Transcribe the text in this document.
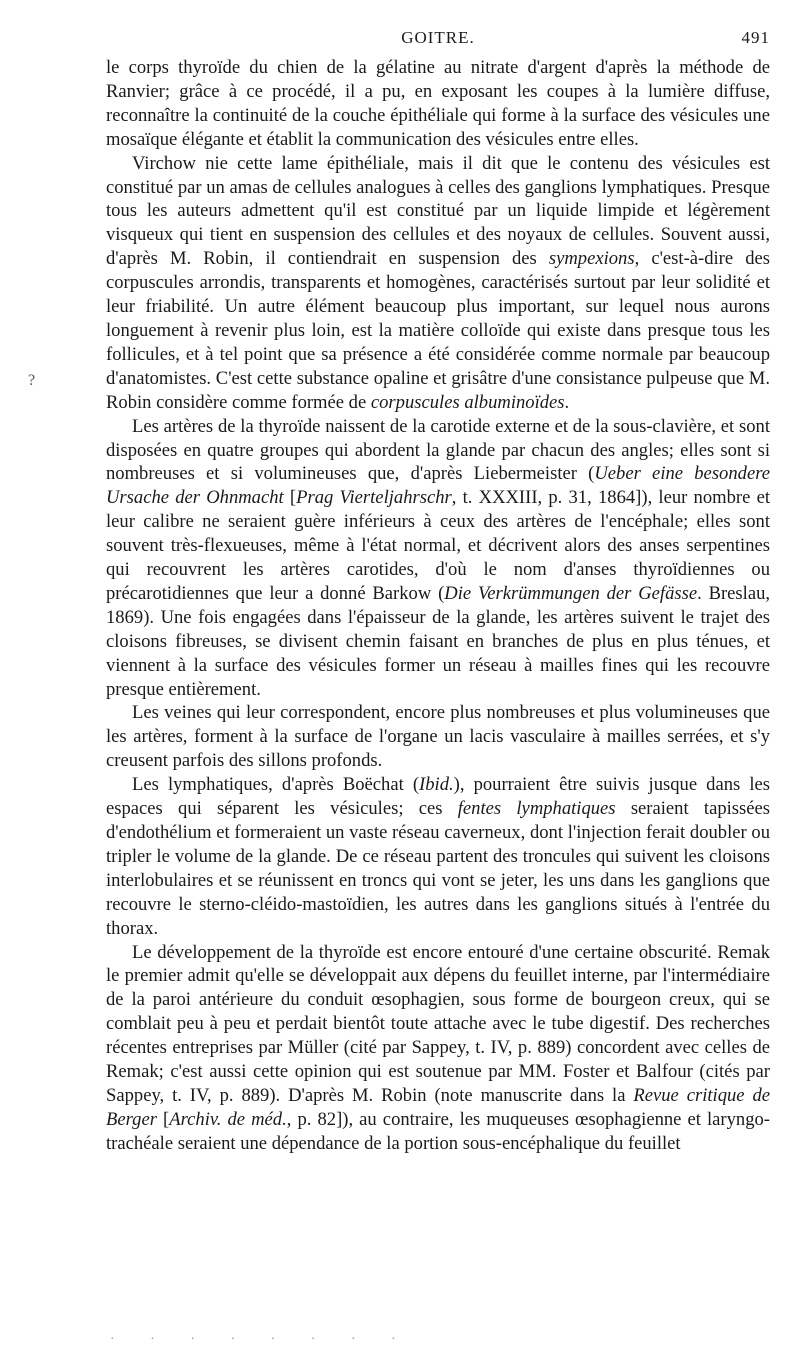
GOITRE.	491

le corps thyroïde du chien de la gélatine au nitrate d'argent d'après la méthode de Ranvier; grâce à ce procédé, il a pu, en exposant les coupes à la lumière diffuse, reconnaître la continuité de la couche épithéliale qui forme à la surface des vésicules une mosaïque élégante et établit la communication des vésicules entre elles.

Virchow nie cette lame épithéliale, mais il dit que le contenu des vésicules est constitué par un amas de cellules analogues à celles des ganglions lymphatiques. Presque tous les auteurs admettent qu'il est constitué par un liquide limpide et légèrement visqueux qui tient en suspension des cellules et des noyaux de cellules. Souvent aussi, d'après M. Robin, il contiendrait en suspension des sympexions, c'est-à-dire des corpuscules arrondis, transparents et homogènes, caractérisés surtout par leur solidité et leur friabilité. Un autre élément beaucoup plus important, sur lequel nous aurons longuement à revenir plus loin, est la matière colloïde qui existe dans presque tous les follicules, et à tel point que sa présence a été considérée comme normale par beaucoup d'anatomistes. C'est cette substance opaline et grisâtre d'une consistance pulpeuse que M. Robin considère comme formée de corpuscules albuminoïdes.

Les artères de la thyroïde naissent de la carotide externe et de la sous-clavière, et sont disposées en quatre groupes qui abordent la glande par chacun des angles; elles sont si nombreuses et si volumineuses que, d'après Liebermeister (Ueber eine besondere Ursache der Ohnmacht [Prag Vierteljahrschr, t. XXXIII, p. 31, 1864]), leur nombre et leur calibre ne seraient guère inférieurs à ceux des artères de l'encéphale; elles sont souvent très-flexueuses, même à l'état normal, et décrivent alors des anses serpentines qui recouvrent les artères carotides, d'où le nom d'anses thyroïdiennes ou précarotidiennes que leur a donné Barkow (Die Verkrümmungen der Gefässe. Breslau, 1869). Une fois engagées dans l'épaisseur de la glande, les artères suivent le trajet des cloisons fibreuses, se divisent chemin faisant en branches de plus en plus ténues, et viennent à la surface des vésicules former un réseau à mailles fines qui les recouvre presque entièrement.

Les veines qui leur correspondent, encore plus nombreuses et plus volumineuses que les artères, forment à la surface de l'organe un lacis vasculaire à mailles serrées, et s'y creusent parfois des sillons profonds.

Les lymphatiques, d'après Boëchat (Ibid.), pourraient être suivis jusque dans les espaces qui séparent les vésicules; ces fentes lymphatiques seraient tapissées d'endothélium et formeraient un vaste réseau caverneux, dont l'injection ferait doubler ou tripler le volume de la glande. De ce réseau partent des troncules qui suivent les cloisons interlobulaires et se réunissent en troncs qui vont se jeter, les uns dans les ganglions que recouvre le sterno-cléido-mastoïdien, les autres dans les ganglions situés à l'entrée du thorax.

Le développement de la thyroïde est encore entouré d'une certaine obscurité. Remak le premier admit qu'elle se développait aux dépens du feuillet interne, par l'intermédiaire de la paroi antérieure du conduit œsophagien, sous forme de bourgeon creux, qui se comblait peu à peu et perdait bientôt toute attache avec le tube digestif. Des recherches récentes entreprises par Müller (cité par Sappey, t. IV, p. 889) concordent avec celles de Remak; c'est aussi cette opinion qui est soutenue par MM. Foster et Balfour (cités par Sappey, t. IV, p. 889). D'après M. Robin (note manuscrite dans la Revue critique de Berger [Archiv. de méd., p. 82]), au contraire, les muqueuses œsophagienne et laryngo-trachéale seraient une dépendance de la portion sous-encéphalique du feuillet

?
· · · · · · · ·
